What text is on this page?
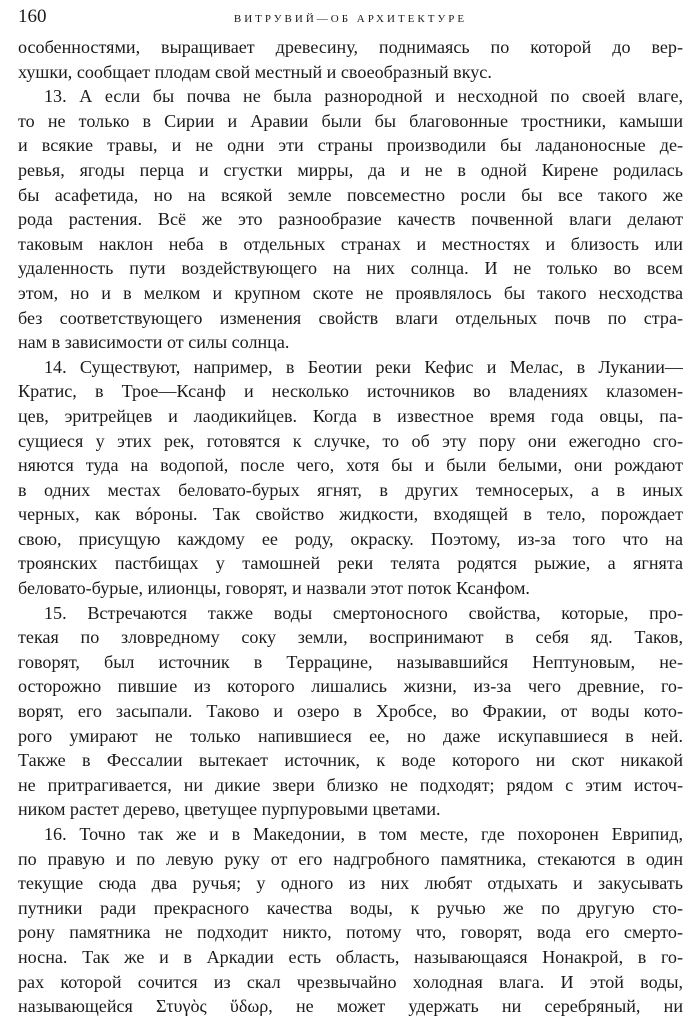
160	ВИТРУВИЙ—ОБ АРХИТЕКТУРЕ
особенностями, выращивает древесину, поднимаясь по которой до вер-
хушки, сообщает плодам свой местный и своеобразный вкус.
13. А если бы почва не была разнородной и несходной по своей влаге,
то не только в Сирии и Аравии были бы благовонные тростники, камыши
и всякие травы, и не одни эти страны производили бы ладаноносные де-
ревья, ягоды перца и сгустки мирры, да и не в одной Кирене родилась
бы асафетида, но на всякой земле повсеместно росли бы все такого же
рода растения. Всё же это разнообразие качеств почвенной влаги делают
таковым наклон неба в отдельных странах и местностях и близость или
удаленность пути воздействующего на них солнца. И не только во всем
этом, но и в мелком и крупном скоте не проявлялось бы такого несходства
без соответствующего изменения свойств влаги отдельных почв по стра-
нам в зависимости от силы солнца.
14. Существуют, например, в Беотии реки Кефис и Мелас, в Лукании—
Кратис, в Трое—Ксанф и несколько источников во владениях клазомен-
цев, эритрейцев и лаодикийцев. Когда в известное время года овцы, па-
сущиеся у этих рек, готовятся к случке, то об эту пору они ежегодно сго-
няются туда на водопой, после чего, хотя бы и были белыми, они рождают
в одних местах беловато-бурых ягнят, в других темносерых, а в иных
черных, как вóроны. Так свойство жидкости, входящей в тело, порождает
свою, присущую каждому ее роду, окраску. Поэтому, из-за того что на
троянских пастбищах у тамошней реки телята родятся рыжие, а ягнята
беловато-бурые, илионцы, говорят, и назвали этот поток Ксанфом.
15. Встречаются также воды смертоносного свойства, которые, про-
текая по зловредному соку земли, воспринимают в себя яд. Таков,
говорят, был источник в Террацине, называвшийся Нептуновым, не-
осторожно пившие из которого лишались жизни, из-за чего древние, го-
ворят, его засыпали. Таково и озеро в Хробсе, во Фракии, от воды кото-
рого умирают не только напившиеся ее, но даже искупавшиеся в ней.
Также в Фессалии вытекает источник, к воде которого ни скот никакой
не притрагивается, ни дикие звери близко не подходят; рядом с этим источ-
ником растет дерево, цветущее пурпуровыми цветами.
16. Точно так же и в Македонии, в том месте, где похоронен Еврипид,
по правую и по левую руку от его надгробного памятника, стекаются в один
текущие сюда два ручья; у одного из них любят отдыхать и закусывать
путники ради прекрасного качества воды, к ручью же по другую сто-
рону памятника не подходит никто, потому что, говорят, вода его смерто-
носна. Так же и в Аркадии есть область, называющаяся Нонакрой, в го-
рах которой сочится из скал чрезвычайно холодная влага. И этой воды,
называющейся Στυγὸς ὕδωρ, не может удержать ни серебряный, ни
